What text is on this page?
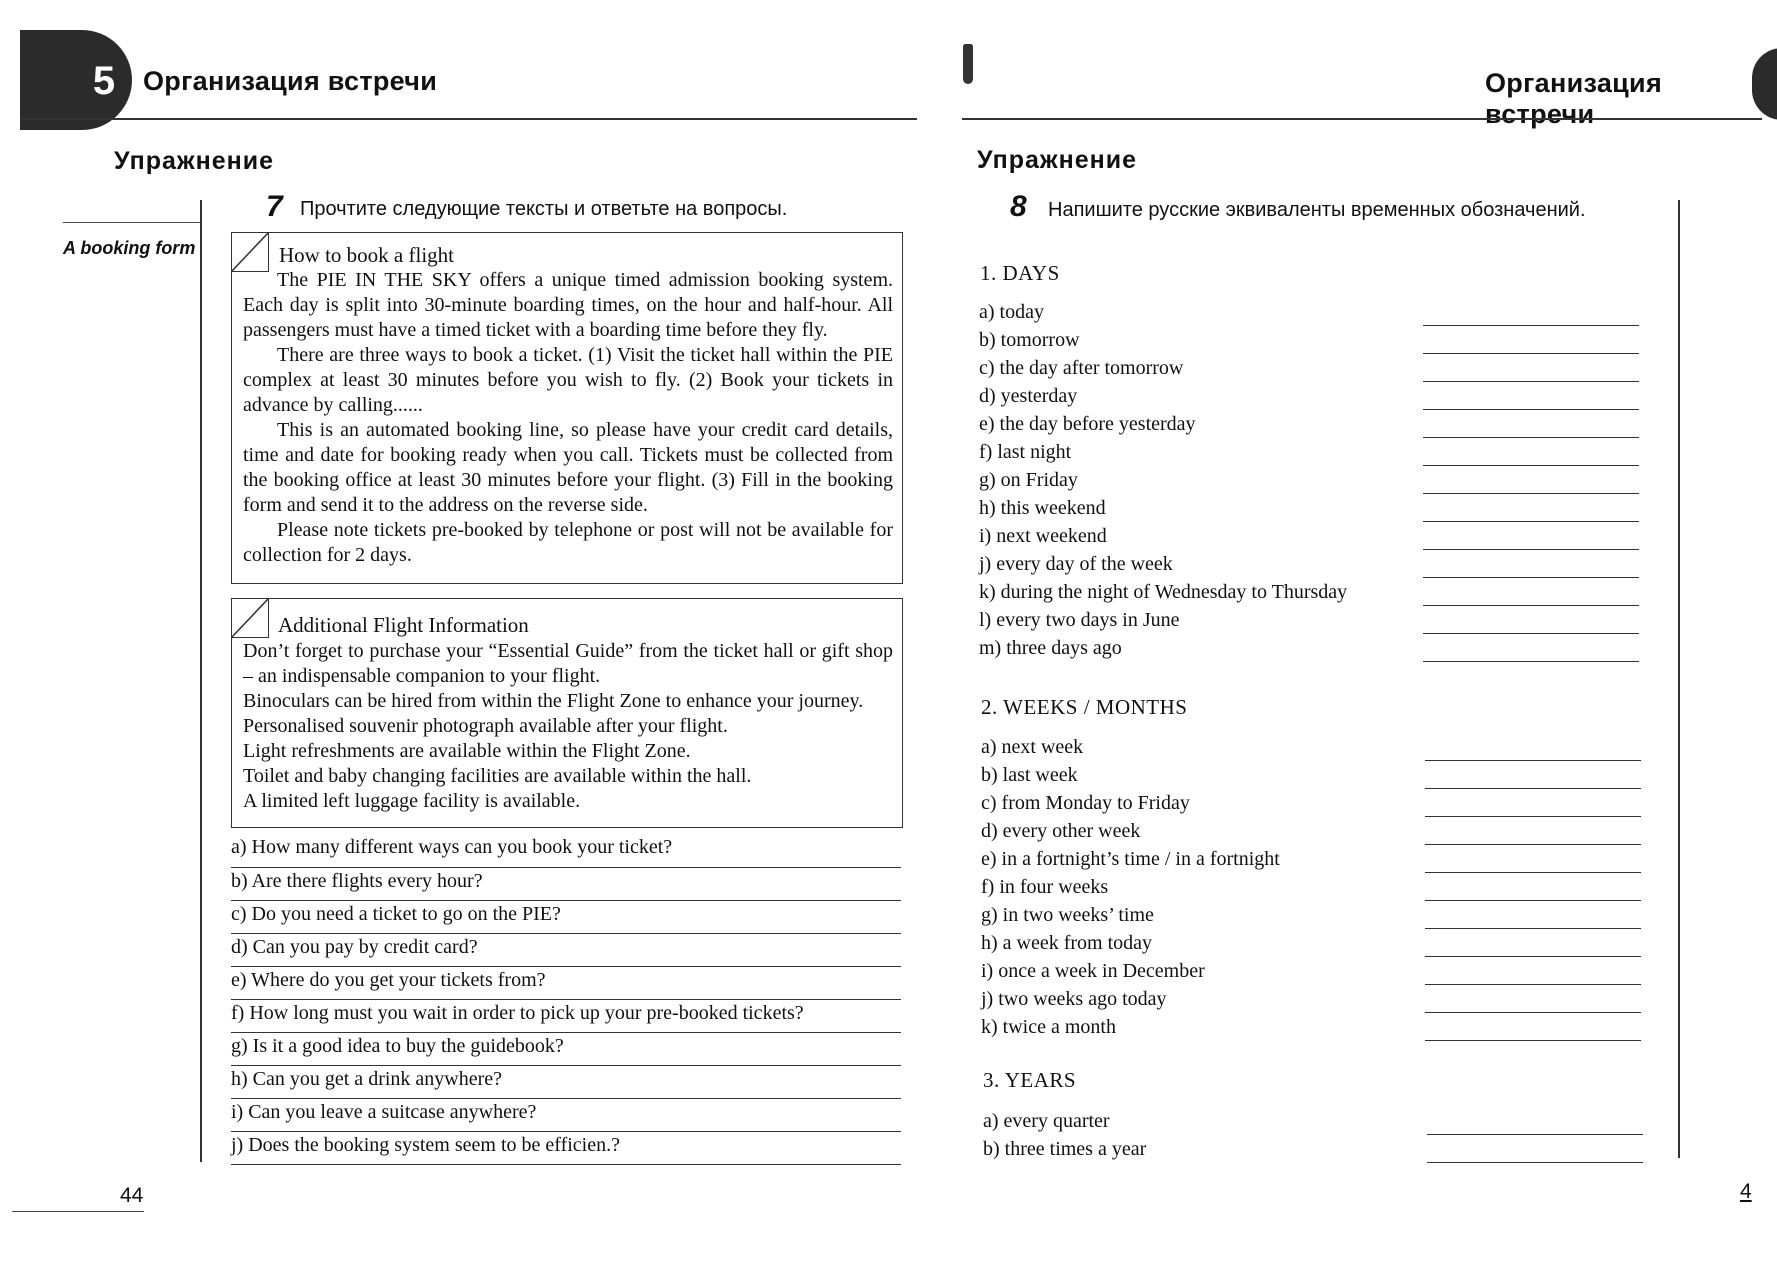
5	Организация встречи
Упражнение
A booking form
7 Прочтите следующие тексты и ответьте на вопросы.
How to book a flight
The PIE IN THE SKY offers a unique timed admission booking system. Each day is split into 30-minute boarding times, on the hour and half-hour. All passengers must have a timed ticket with a boarding time before they fly.
There are three ways to book a ticket. (1) Visit the ticket hall within the PIE complex at least 30 minutes before you wish to fly. (2) Book your tickets in advance by calling......
This is an automated booking line, so please have your credit card details, time and date for booking ready when you call. Tickets must be collected from the booking office at least 30 minutes before your flight. (3) Fill in the booking form and send it to the address on the reverse side.
Please note tickets pre-booked by telephone or post will not be available for collection for 2 days.
Additional Flight Information
Don’t forget to purchase your “Essential Guide” from the ticket hall or gift shop – an indispensable companion to your flight.
Binoculars can be hired from within the Flight Zone to enhance your journey.
Personalised souvenir photograph available after your flight.
Light refreshments are available within the Flight Zone.
Toilet and baby changing facilities are available within the hall.
A limited left luggage facility is available.
a) How many different ways can you book your ticket?
b) Are there flights every hour?
c) Do you need a ticket to go on the PIE?
d) Can you pay by credit card?
e) Where do you get your tickets from?
f) How long must you wait in order to pick up your pre-booked tickets?
g) Is it a good idea to buy the guidebook?
h) Can you get a drink anywhere?
i) Can you leave a suitcase anywhere?
j) Does the booking system seem to be efficien.?
44
Организация встречи
Упражнение
8 Напишите русские эквиваленты временных обозначений.
1. DAYS
a) today
b) tomorrow
c) the day after tomorrow
d) yesterday
e) the day before yesterday
f) last night
g) on Friday
h) this weekend
i) next weekend
j) every day of the week
k) during the night of Wednesday to Thursday
l) every two days in June
m) three days ago
2. WEEKS / MONTHS
a) next week
b) last week
c) from Monday to Friday
d) every other week
e) in a fortnight’s time / in a fortnight
f) in four weeks
g) in two weeks’ time
h) a week from today
i) once a week in December
j) two weeks ago today
k) twice a month
3. YEARS
a) every quarter
b) three times a year
4
